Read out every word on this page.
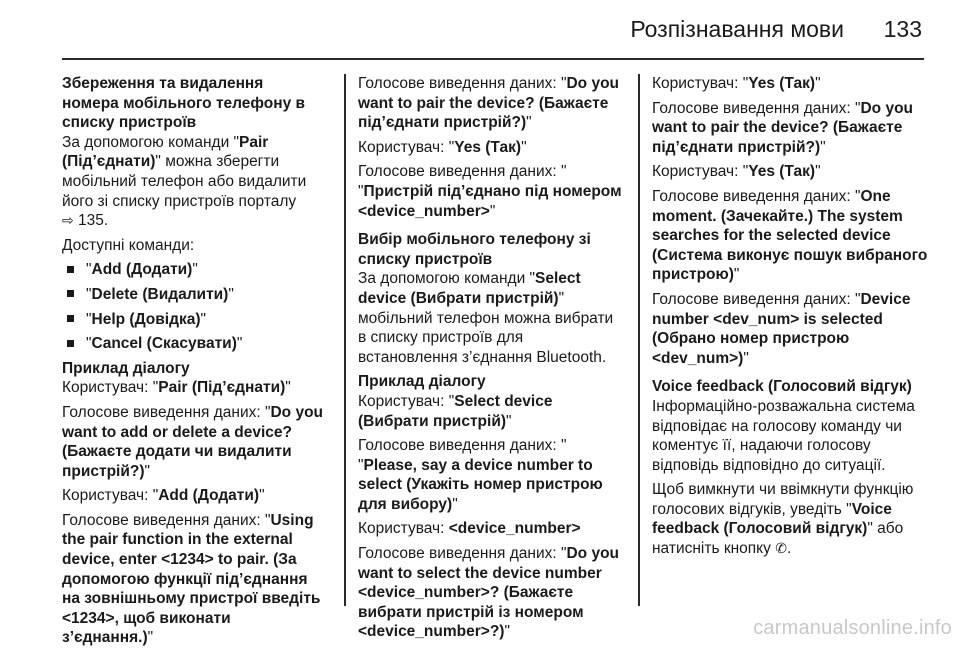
Розпізнавання мови 133
Збереження та видалення номера мобільного телефону в списку пристроїв

За допомогою команди "Pair (Під’єднати)" можна зберегти мобільний телефон або видалити його зі списку пристроїв порталу
⇨ 135.

Доступні команди:

"Add (Додати)"
"Delete (Видалити)"
"Help (Довідка)"
"Cancel (Скасувати)"
Приклад діалогу

Користувач: "Pair (Під’єднати)"

Голосове виведення даних: "Do you want to add or delete a device? (Бажаєте додати чи видалити пристрій?)"

Користувач: "Add (Додати)"

Голосове виведення даних: "Using the pair function in the external device, enter <1234> to pair. (За допомогою функції під’єднання на зовнішньому пристрої введіть <1234>, щоб виконати з’єднання.)"

Голосове виведення даних: "Do you want to pair the device? (Бажаєте під’єднати пристрій?)"

Користувач: "Yes (Так)"

Голосове виведення даних: "
"Пристрій під’єднано під номером <device_number>"

Вибір мобільного телефону зі списку пристроїв

За допомогою команди "Select device (Вибрати пристрій)" мобільний телефон можна вибрати в списку пристроїв для встановлення з’єднання Bluetooth.

Приклад діалогу

Користувач: "Select device (Вибрати пристрій)"

Голосове виведення даних: "
"Please, say a device number to select (Укажіть номер пристрою для вибору)"

Користувач: <device_number>

Голосове виведення даних: "Do you want to select the device number <device_number>? (Бажаєте вибрати пристрій із номером <device_number>?)"

Користувач: "Yes (Так)"

Голосове виведення даних: "Do you want to pair the device? (Бажаєте під’єднати пристрій?)"

Користувач: "Yes (Так)"

Голосове виведення даних: "One moment. (Зачекайте.) The system searches for the selected device (Система виконує пошук вибраного пристрою)"

Голосове виведення даних: "Device number <dev_num> is selected (Обрано номер пристрою <dev_num>)"

Voice feedback (Голосовий відгук)

Інформаційно-розважальна система відповідає на голосову команду чи коментує її, надаючи голосову відповідь відповідно до ситуації.

Щоб вимкнути чи ввімкнути функцію голосових відгуків, уведіть "Voice feedback (Голосовий відгук)" або натисніть кнопку ✆.

carmanualsonline.info
